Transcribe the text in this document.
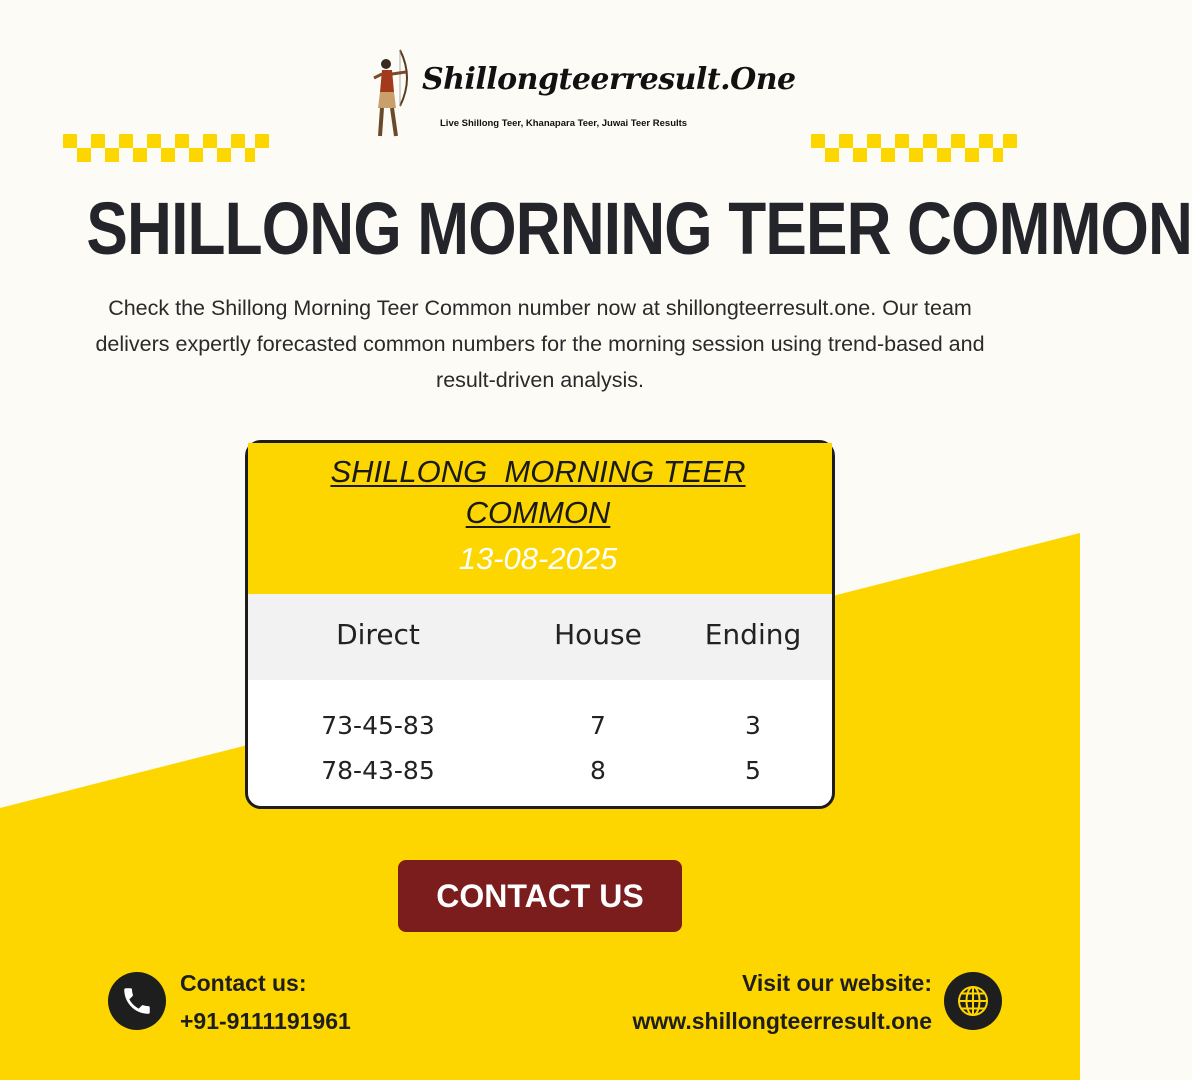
Shillongteerresult.One
Live Shillong Teer, Khanapara Teer, Juwai Teer Results
SHILLONG MORNING TEER COMMON

Check the Shillong Morning Teer Common number now at shillongteerresult.one. Our team delivers expertly forecasted common numbers for the morning session using trend-based and result-driven analysis.

SHILLONG  MORNING TEER
COMMON
13-08-2025
Direct	House	Ending
73-45-83	7	3
78-43-85	8	5
CONTACT US
Contact us:
+91-9111191961
Visit our website:
www.shillongteerresult.one
